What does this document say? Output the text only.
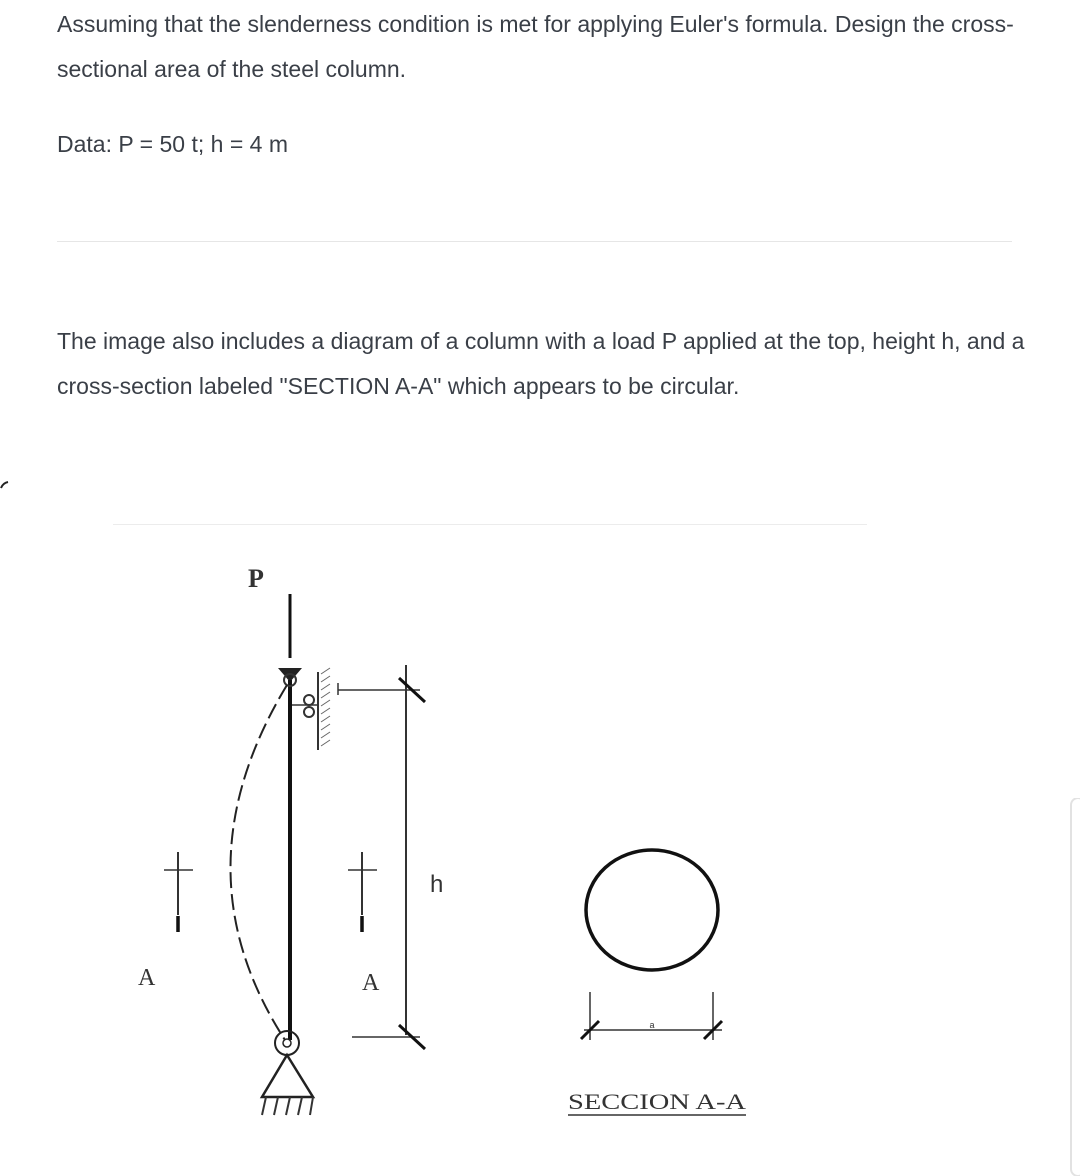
Assuming that the slenderness condition is met for applying Euler's formula. Design the cross-sectional area of the steel column.

Data: P = 50 t; h = 4 m

The image also includes a diagram of a column with a load P applied at the top, height h, and a cross-section labeled "SECTION A-A" which appears to be circular.

P
h
A	A
a
SECCION A-A
